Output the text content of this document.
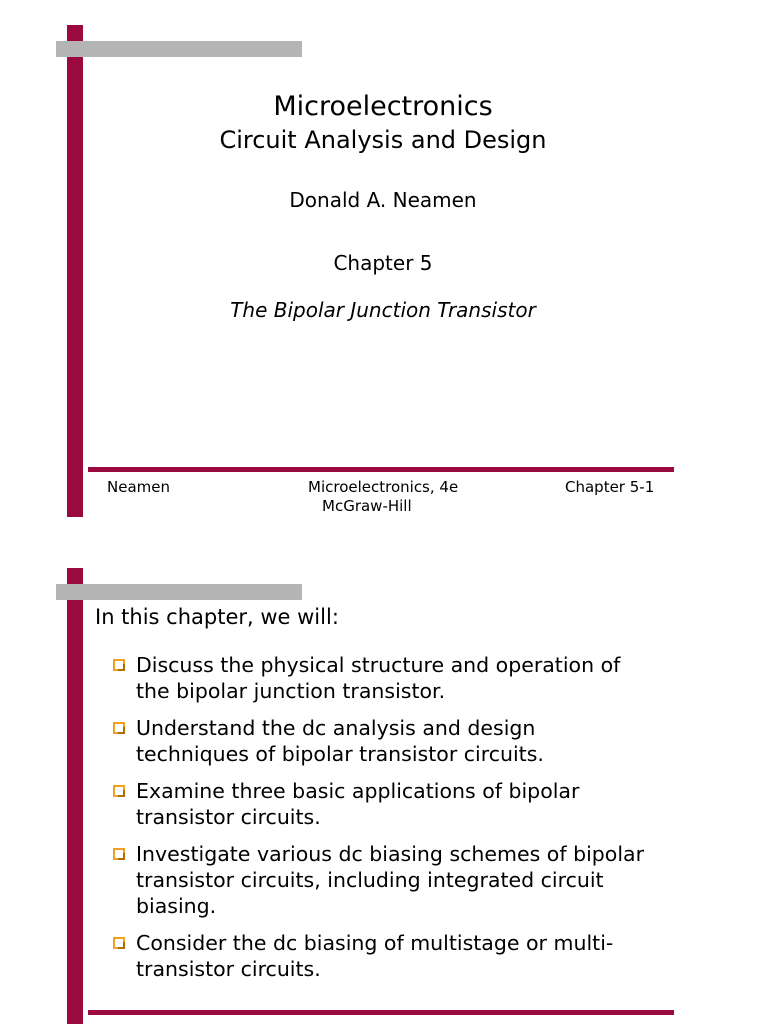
Microelectronics
Circuit Analysis and Design
Donald A. Neamen
Chapter 5
The Bipolar Junction Transistor
Neamen	Microelectronics, 4e
McGraw-Hill
Chapter 5-1
In this chapter, we will:
Discuss the physical structure and operation of
the bipolar junction transistor.
Understand the dc analysis and design
techniques of bipolar transistor circuits.
Examine three basic applications of bipolar
transistor circuits.
Investigate various dc biasing schemes of bipolar
transistor circuits, including integrated circuit
biasing.
Consider the dc biasing of multistage or multi-
transistor circuits.
